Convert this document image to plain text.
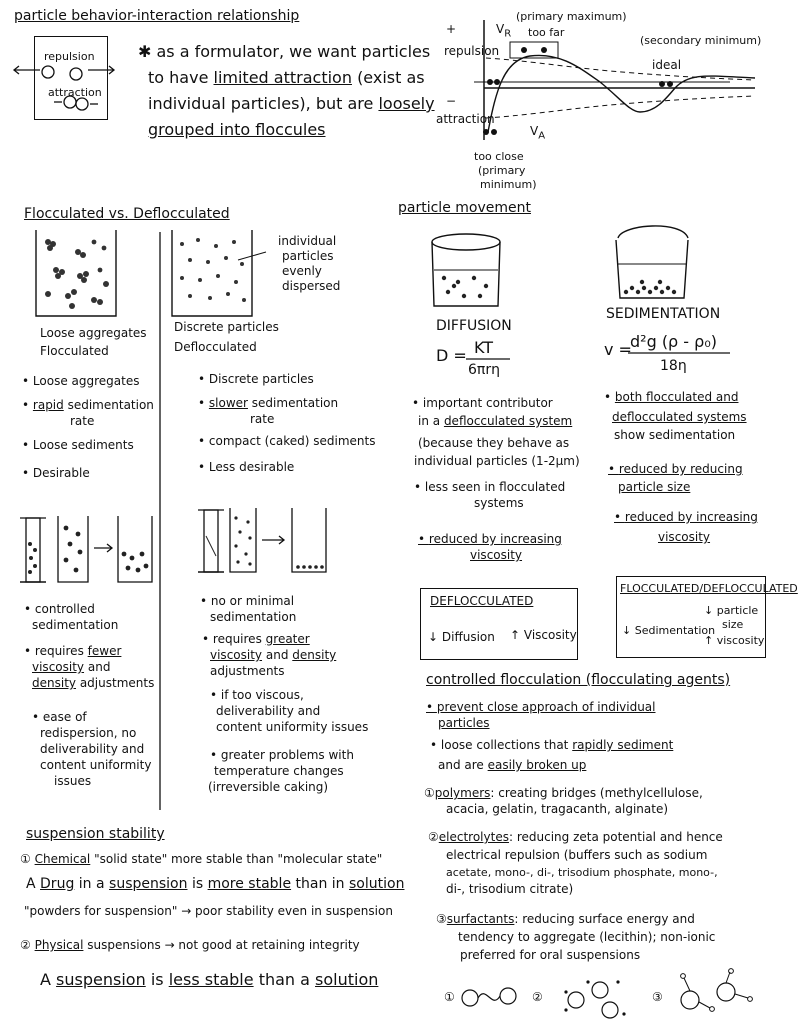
particle behavior-interaction relationship
repulsion
attraction
✱ as a formulator, we want particles
to have limited attraction (exist as
individual particles), but are loosely
grouped into floccules
+
−
repulsion
attraction
$V_R$
$V_A$
(primary maximum)
too far
(secondary minimum)
ideal
too close
(primary
minimum)
Flocculated vs. Deflocculated
Loose aggregates
Flocculated
individual
particles
evenly
dispersed
Discrete particles
Deflocculated
• Loose aggregates
• rapid sedimentation
rate
• Loose sediments
• Desirable
• Discrete particles
• slower sedimentation
rate
• compact (caked) sediments
• Less desirable
• controlled
sedimentation
• requires fewer
viscosity and
density adjustments
• ease of
redispersion, no
deliverability and
content uniformity
issues
• no or minimal
sedimentation
• requires greater
viscosity and density
adjustments
• if too viscous,
deliverability and
content uniformity issues
• greater problems with
temperature changes
(irreversible caking)
particle movement
DIFFUSION
SEDIMENTATION
D = KT
6πrη
v =
d²g (ρ - ρ₀)
18η
• important contributor
in a deflocculated system
(because they behave as
individual particles (1-2μm)
• less seen in flocculated
systems
• reduced by increasing
viscosity
• both flocculated and
deflocculated systems
show sedimentation
• reduced by reducing
particle size
• reduced by increasing
viscosity
DEFLOCCULATED
↓ Diffusion ↑ Viscosity
FLOCCULATED/DEFLOCCULATED
↓ Sedimentation
↓ particle
size
↑ viscosity
controlled flocculation (flocculating agents)
• prevent close approach of individual
particles
• loose collections that rapidly sediment
and are easily broken up
①polymers: creating bridges (methylcellulose,
acacia, gelatin, tragacanth, alginate)
②electrolytes: reducing zeta potential and hence
electrical repulsion (buffers such as sodium
acetate, mono-, di-, trisodium phosphate, mono-,
di-, trisodium citrate)
③surfactants: reducing surface energy and
tendency to aggregate (lecithin); non-ionic
preferred for oral suspensions
①	②	③
suspension stability
① Chemical "solid state" more stable than "molecular state"
A Drug in a suspension is more stable than in solution
"powders for suspension" → poor stability even in suspension
② Physical suspensions → not good at retaining integrity
A suspension is less stable than a solution
